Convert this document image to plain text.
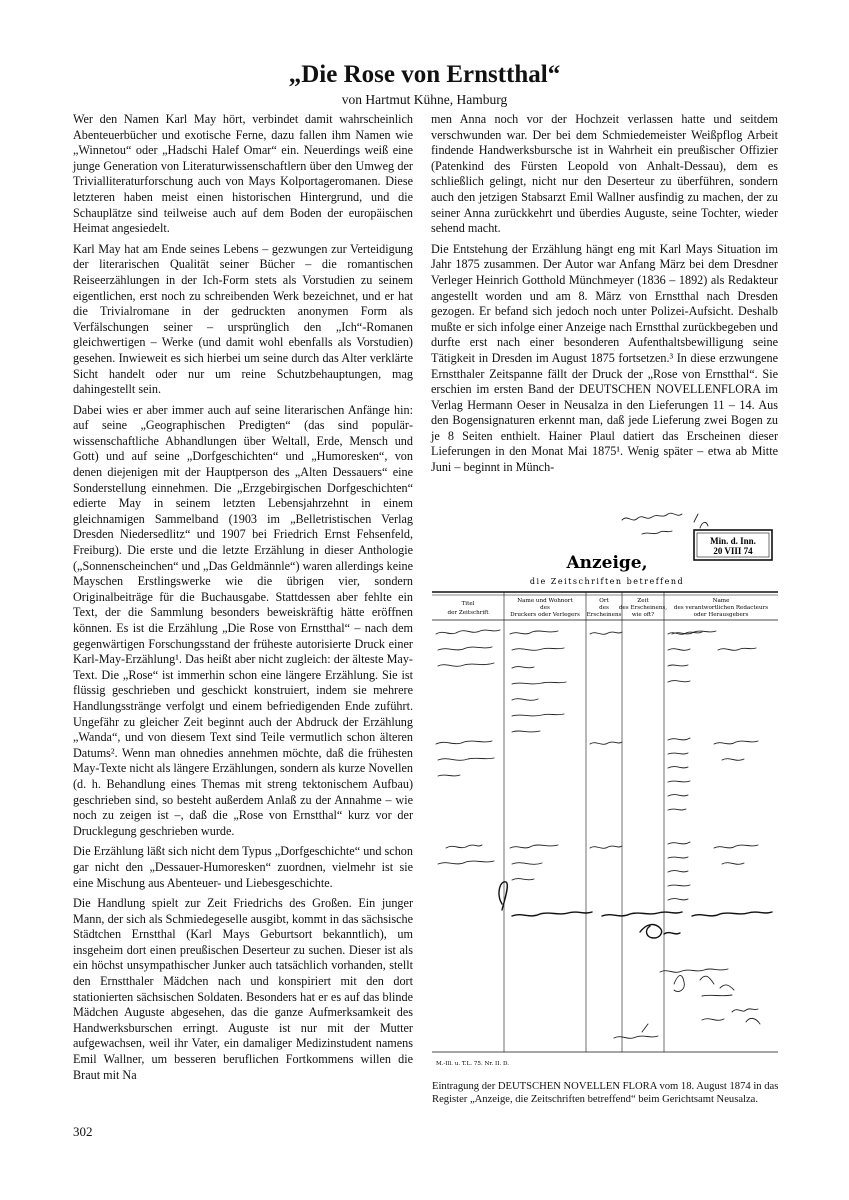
„Die Rose von Ernstthal“
von Hartmut Kühne, Hamburg

Wer den Namen Karl May hört, verbindet damit wahrscheinlich Abenteuerbücher und exotische Ferne, dazu fallen ihm Namen wie „Winnetou“ oder „Hadschi Halef Omar“ ein. Neuerdings weiß eine junge Generation von Literaturwissenschaftlern über den Umweg der Trivialliteraturforschung auch von Mays Kolportageromanen. Diese letzteren haben meist einen historischen Hintergrund, und die Schauplätze sind teilweise auch auf dem Boden der europäischen Heimat angesiedelt.

Karl May hat am Ende seines Lebens – gezwungen zur Verteidigung der literarischen Qualität seiner Bücher – die romantischen Reiseerzählungen in der Ich-Form stets als Vorstudien zu seinem eigentlichen, erst noch zu schreibenden Werk bezeichnet, und er hat die Trivialromane in der gedruckten anonymen Form als Verfälschungen seiner – ursprünglich den „Ich“-Romanen gleichwertigen – Werke (und damit wohl ebenfalls als Vorstudien) gesehen. Inwieweit es sich hierbei um seine durch das Alter verklärte Sicht handelt oder nur um reine Schutzbehauptungen, mag dahingestellt sein.

Dabei wies er aber immer auch auf seine literarischen Anfänge hin: auf seine „Geographischen Predigten“ (das sind populärwissenschaftliche Abhandlungen über Weltall, Erde, Mensch und Gott) und auf seine „Dorfgeschichten“ und „Humoresken“, von denen diejenigen mit der Hauptperson des „Alten Dessauers“ eine Sonderstellung einnehmen. Die „Erzgebirgischen Dorfgeschichten“ edierte May in seinem letzten Lebensjahrzehnt in einem gleichnamigen Sammelband (1903 im „Belletristischen Verlag Dresden Niedersedlitz“ und 1907 bei Friedrich Ernst Fehsenfeld, Freiburg). Die erste und die letzte Erzählung in dieser Anthologie („Sonnenscheinchen“ und „Das Geldmännle“) waren allerdings keine Mayschen Erstlingswerke wie die übrigen vier, sondern Originalbeiträge für die Buchausgabe. Stattdessen aber fehlte ein Text, der die Sammlung besonders beweiskräftig hätte eröffnen können. Es ist die Erzählung „Die Rose von Ernstthal“ – nach dem gegenwärtigen Forschungsstand der früheste autorisierte Druck einer Karl-May-Erzählung¹. Das heißt aber nicht zugleich: der älteste May-Text. Die „Rose“ ist immerhin schon eine längere Erzählung. Sie ist flüssig geschrieben und geschickt konstruiert, indem sie mehrere Handlungsstränge verfolgt und einem befriedigenden Ende zuführt. Ungefähr zu gleicher Zeit beginnt auch der Abdruck der Erzählung „Wanda“, und von diesem Text sind Teile vermutlich schon älteren Datums². Wenn man ohnedies annehmen möchte, daß die frühesten May-Texte nicht als längere Erzählungen, sondern als kurze Novellen (d. h. Behandlung eines Themas mit streng tektonischem Aufbau) geschrieben sind, so besteht außerdem Anlaß zu der Annahme – wie noch zu zeigen ist –, daß die „Rose von Ernstthal“ kurz vor der Drucklegung geschrieben wurde.

Die Erzählung läßt sich nicht dem Typus „Dorfgeschichte“ und schon gar nicht den „Dessauer-Humoresken“ zuordnen, vielmehr ist sie eine Mischung aus Abenteuer- und Liebesgeschichte.

Die Handlung spielt zur Zeit Friedrichs des Großen. Ein junger Mann, der sich als Schmiedegeselle ausgibt, kommt in das sächsische Städtchen Ernstthal (Karl Mays Geburtsort bekanntlich), um insgeheim dort einen preußischen Deserteur zu suchen. Dieser ist als ein höchst unsympathischer Junker auch tatsächlich vorhanden, stellt den Ernstthaler Mädchen nach und konspiriert mit den dort stationierten sächsischen Soldaten. Besonders hat er es auf das blinde Mädchen Auguste abgesehen, das die ganze Aufmerksamkeit des Handwerksburschen erringt. Auguste ist nur mit der Mutter aufgewachsen, weil ihr Vater, ein damaliger Medizinstudent namens Emil Wallner, um besseren beruflichen Fortkommens willen die Braut mit Na

men Anna noch vor der Hochzeit verlassen hatte und seitdem verschwunden war. Der bei dem Schmiedemeister Weißpflog Arbeit findende Handwerksbursche ist in Wahrheit ein preußischer Offizier (Patenkind des Fürsten Leopold von Anhalt-Dessau), dem es schließlich gelingt, nicht nur den Deserteur zu überführen, sondern auch den jetzigen Stabsarzt Emil Wallner ausfindig zu machen, der zu seiner Anna zurückkehrt und überdies Auguste, seine Tochter, wieder sehend macht.

Die Entstehung der Erzählung hängt eng mit Karl Mays Situation im Jahr 1875 zusammen. Der Autor war Anfang März bei dem Dresdner Verleger Heinrich Gotthold Münchmeyer (1836 – 1892) als Redakteur angestellt worden und am 8. März von Ernstthal nach Dresden gezogen. Er befand sich jedoch noch unter Polizei-Aufsicht. Deshalb mußte er sich infolge einer Anzeige nach Ernstthal zurückbegeben und durfte erst nach einer besonderen Aufenthaltsbewilligung seine Tätigkeit in Dresden im August 1875 fortsetzen.³ In diese erzwungene Ernstthaler Zeitspanne fällt der Druck der „Rose von Ernstthal“. Sie erschien im ersten Band der DEUTSCHEN NOVELLENFLORA im Verlag Hermann Oeser in Neusalza in den Lieferungen 11 – 14. Aus den Bogensignaturen erkennt man, daß jede Lieferung zwei Bogen zu je 8 Seiten enthielt. Hainer Plaul datiert das Erscheinen dieser Lieferungen in den Monat Mai 1875¹. Wenig später – etwa ab Mitte Juni – beginnt in Münch-

Min. d. Inn.
20 VIII 74
Anzeige,
die Zeitschriften betreffend
Titel
der Zeitschrift
Name und Wohnort
des
Druckers oder Verlegers
Ort
des
Erscheinens
Zeit
des Erscheinens,
wie oft?
Name
des verantwortlichen Redacteurs
oder Herausgebers
M.-Ill. u. T.L. 75. Nr. II. D.
Eintragung der DEUTSCHEN NOVELLEN FLORA vom 18. August 1874 in das Register „Anzeige, die Zeitschriften betreffend“ beim Gerichtsamt Neusalza.
302
